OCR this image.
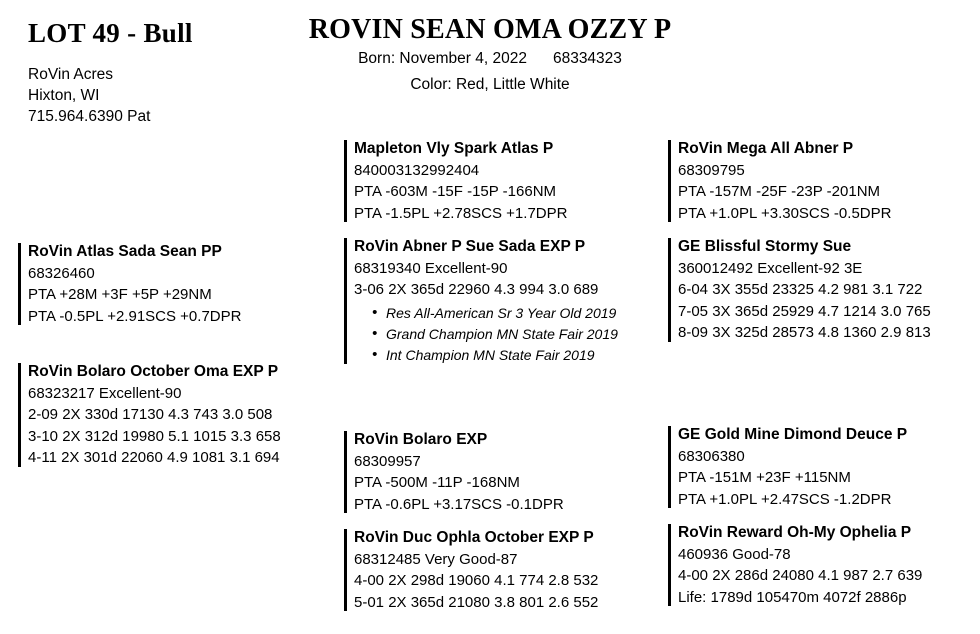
LOT 49 - Bull
RoVin Acres
Hixton, WI
715.964.6390 Pat
ROVIN SEAN OMA OZZY P
Born: November 4, 2022 68334323
Color: Red, Little White
Mapleton Vly Spark Atlas P
840003132992404
PTA -603M -15F -15P -166NM
PTA -1.5PL +2.78SCS +1.7DPR
RoVin Abner P Sue Sada EXP P
68319340 Excellent-90
3-06 2X 365d 22960 4.3 994 3.0 689
• Res All-American Sr 3 Year Old 2019
• Grand Champion MN State Fair 2019
• Int Champion MN State Fair 2019
RoVin Mega All Abner P
68309795
PTA -157M -25F -23P -201NM
PTA +1.0PL +3.30SCS -0.5DPR
GE Blissful Stormy Sue
360012492 Excellent-92 3E
6-04 3X 355d 23325 4.2 981 3.1 722
7-05 3X 365d 25929 4.7 1214 3.0 765
8-09 3X 325d 28573 4.8 1360 2.9 813
RoVin Atlas Sada Sean PP
68326460
PTA +28M +3F +5P +29NM
PTA -0.5PL +2.91SCS +0.7DPR
RoVin Bolaro October Oma EXP P
68323217 Excellent-90
2-09 2X 330d 17130 4.3 743 3.0 508
3-10 2X 312d 19980 5.1 1015 3.3 658
4-11 2X 301d 22060 4.9 1081 3.1 694
RoVin Bolaro EXP
68309957
PTA -500M -11P -168NM
PTA -0.6PL +3.17SCS -0.1DPR
RoVin Duc Ophla October EXP P
68312485 Very Good-87
4-00 2X 298d 19060 4.1 774 2.8 532
5-01 2X 365d 21080 3.8 801 2.6 552
GE Gold Mine Dimond Deuce P
68306380
PTA -151M +23F +115NM
PTA +1.0PL +2.47SCS -1.2DPR
RoVin Reward Oh-My Ophelia P
460936 Good-78
4-00 2X 286d 24080 4.1 987 2.7 639
Life: 1789d 105470m 4072f 2886p
